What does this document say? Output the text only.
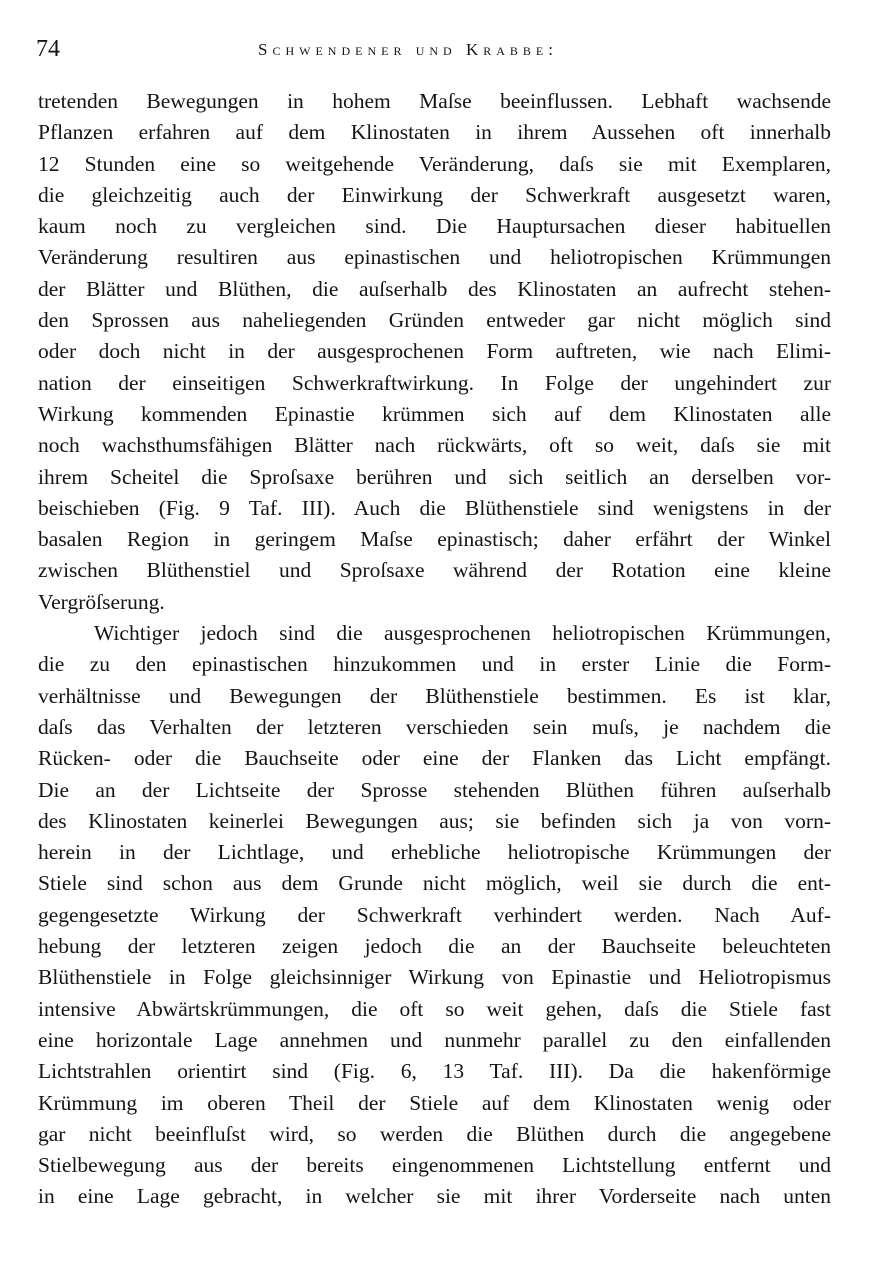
74	Schwendener und Krabbe:
tretenden Bewegungen in hohem Maſse beeinflussen. Lebhaft wachsende
Pflanzen erfahren auf dem Klinostaten in ihrem Aussehen oft innerhalb
12 Stunden eine so weitgehende Veränderung, daſs sie mit Exemplaren,
die gleichzeitig auch der Einwirkung der Schwerkraft ausgesetzt waren,
kaum noch zu vergleichen sind. Die Hauptursachen dieser habituellen
Veränderung resultiren aus epinastischen und heliotropischen Krümmungen
der Blätter und Blüthen, die auſserhalb des Klinostaten an aufrecht stehen-
den Sprossen aus naheliegenden Gründen entweder gar nicht möglich sind
oder doch nicht in der ausgesprochenen Form auftreten, wie nach Elimi-
nation der einseitigen Schwerkraftwirkung. In Folge der ungehindert zur
Wirkung kommenden Epinastie krümmen sich auf dem Klinostaten alle
noch wachsthumsfähigen Blätter nach rückwärts, oft so weit, daſs sie mit
ihrem Scheitel die Sproſsaxe berühren und sich seitlich an derselben vor-
beischieben (Fig. 9 Taf. III). Auch die Blüthenstiele sind wenigstens in der
basalen Region in geringem Maſse epinastisch; daher erfährt der Winkel
zwischen Blüthenstiel und Sproſsaxe während der Rotation eine kleine
Vergröſserung.
Wichtiger jedoch sind die ausgesprochenen heliotropischen Krümmungen,
die zu den epinastischen hinzukommen und in erster Linie die Form-
verhältnisse und Bewegungen der Blüthenstiele bestimmen. Es ist klar,
daſs das Verhalten der letzteren verschieden sein muſs, je nachdem die
Rücken- oder die Bauchseite oder eine der Flanken das Licht empfängt.
Die an der Lichtseite der Sprosse stehenden Blüthen führen auſserhalb
des Klinostaten keinerlei Bewegungen aus; sie befinden sich ja von vorn-
herein in der Lichtlage, und erhebliche heliotropische Krümmungen der
Stiele sind schon aus dem Grunde nicht möglich, weil sie durch die ent-
gegengesetzte Wirkung der Schwerkraft verhindert werden. Nach Auf-
hebung der letzteren zeigen jedoch die an der Bauchseite beleuchteten
Blüthenstiele in Folge gleichsinniger Wirkung von Epinastie und Heliotropismus
intensive Abwärtskrümmungen, die oft so weit gehen, daſs die Stiele fast
eine horizontale Lage annehmen und nunmehr parallel zu den einfallenden
Lichtstrahlen orientirt sind (Fig. 6, 13 Taf. III). Da die hakenförmige
Krümmung im oberen Theil der Stiele auf dem Klinostaten wenig oder
gar nicht beeinfluſst wird, so werden die Blüthen durch die angegebene
Stielbewegung aus der bereits eingenommenen Lichtstellung entfernt und
in eine Lage gebracht, in welcher sie mit ihrer Vorderseite nach unten
